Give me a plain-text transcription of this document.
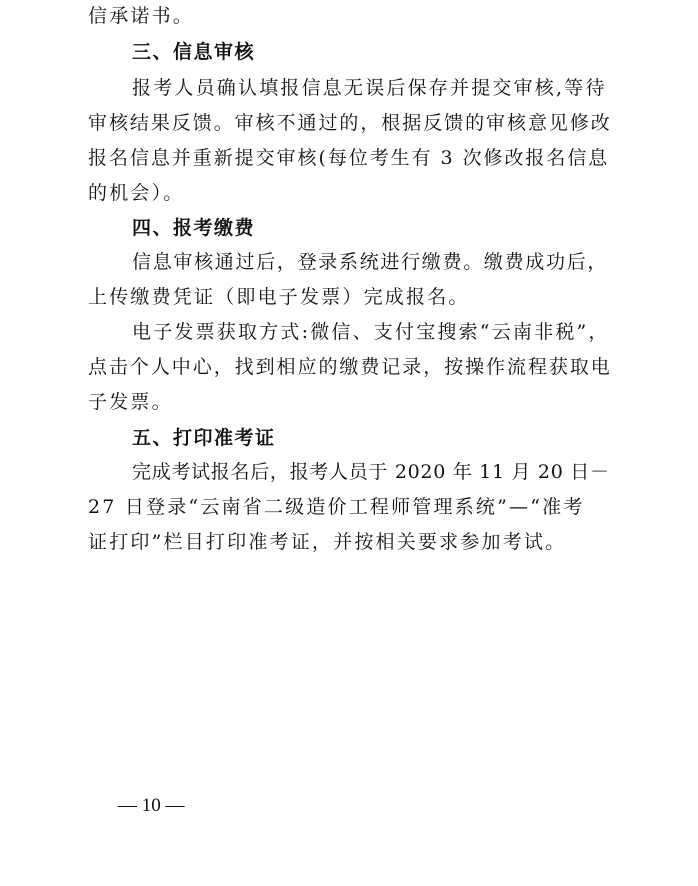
信承诺书。
三、信息审核
报考人员确认填报信息无误后保存并提交审核,等待
审核结果反馈。审核不通过的，根据反馈的审核意见修改
报名信息并重新提交审核(每位考生有 3 次修改报名信息
的机会）。
四、报考缴费
信息审核通过后，登录系统进行缴费。缴费成功后，
上传缴费凭证（即电子发票）完成报名。
电子发票获取方式:微信、支付宝搜索“云南非税”，
点击个人中心，找到相应的缴费记录，按操作流程获取电
子发票。
五、打印准考证
完成考试报名后，报考人员于 2020 年 11 月 20 日－
27 日登录“云南省二级造价工程师管理系统”—“准考
证打印”栏目打印准考证，并按相关要求参加考试。
— 10 —
